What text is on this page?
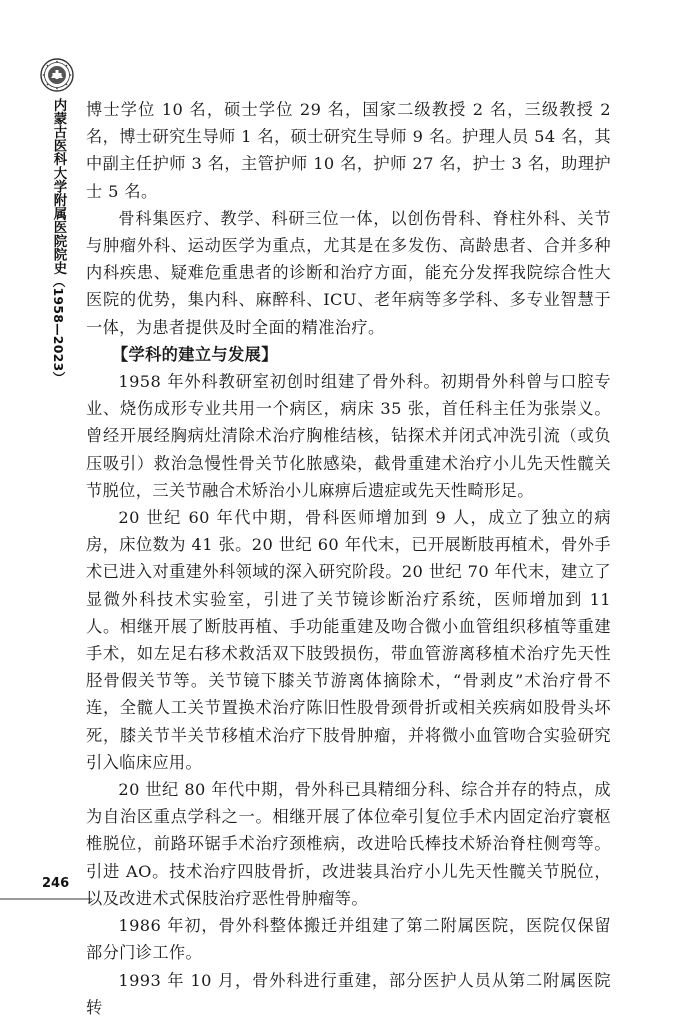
内蒙古医科大学附属医院院史（1958—2023）
246

博士学位 10 名，硕士学位 29 名，国家二级教授 2 名，三级教授 2 名，博士研究生导师 1 名，硕士研究生导师 9 名。护理人员 54 名，其中副主任护师 3 名，主管护师 10 名，护师 27 名，护士 3 名，助理护士 5 名。

骨科集医疗、教学、科研三位一体，以创伤骨科、脊柱外科、关节与肿瘤外科、运动医学为重点，尤其是在多发伤、高龄患者、合并多种内科疾患、疑难危重患者的诊断和治疗方面，能充分发挥我院综合性大医院的优势，集内科、麻醉科、ICU、老年病等多学科、多专业智慧于一体，为患者提供及时全面的精准治疗。

【学科的建立与发展】

1958 年外科教研室初创时组建了骨外科。初期骨外科曾与口腔专业、烧伤成形专业共用一个病区，病床 35 张，首任科主任为张崇义。曾经开展经胸病灶清除术治疗胸椎结核，钻探术并闭式冲洗引流（或负压吸引）救治急慢性骨关节化脓感染，截骨重建术治疗小儿先天性髋关节脱位，三关节融合术矫治小儿麻痹后遗症或先天性畸形足。

20 世纪 60 年代中期，骨科医师增加到 9 人，成立了独立的病房，床位数为 41 张。20 世纪 60 年代末，已开展断肢再植术，骨外手术已进入对重建外科领域的深入研究阶段。20 世纪 70 年代末，建立了显微外科技术实验室，引进了关节镜诊断治疗系统，医师增加到 11 人。相继开展了断肢再植、手功能重建及吻合微小血管组织移植等重建手术，如左足右移术救活双下肢毁损伤，带血管游离移植术治疗先天性胫骨假关节等。关节镜下膝关节游离体摘除术，“骨剥皮”术治疗骨不连，全髋人工关节置换术治疗陈旧性股骨颈骨折或相关疾病如股骨头坏死，膝关节半关节移植术治疗下肢骨肿瘤，并将微小血管吻合实验研究引入临床应用。

20 世纪 80 年代中期，骨外科已具精细分科、综合并存的特点，成为自治区重点学科之一。相继开展了体位牵引复位手术内固定治疗寰枢椎脱位，前路环锯手术治疗颈椎病，改进哈氏棒技术矫治脊柱侧弯等。引进 AO。技术治疗四肢骨折，改进装具治疗小儿先天性髋关节脱位，以及改进术式保肢治疗恶性骨肿瘤等。

1986 年初，骨外科整体搬迁并组建了第二附属医院，医院仅保留部分门诊工作。

1993 年 10 月，骨外科进行重建，部分医护人员从第二附属医院转
